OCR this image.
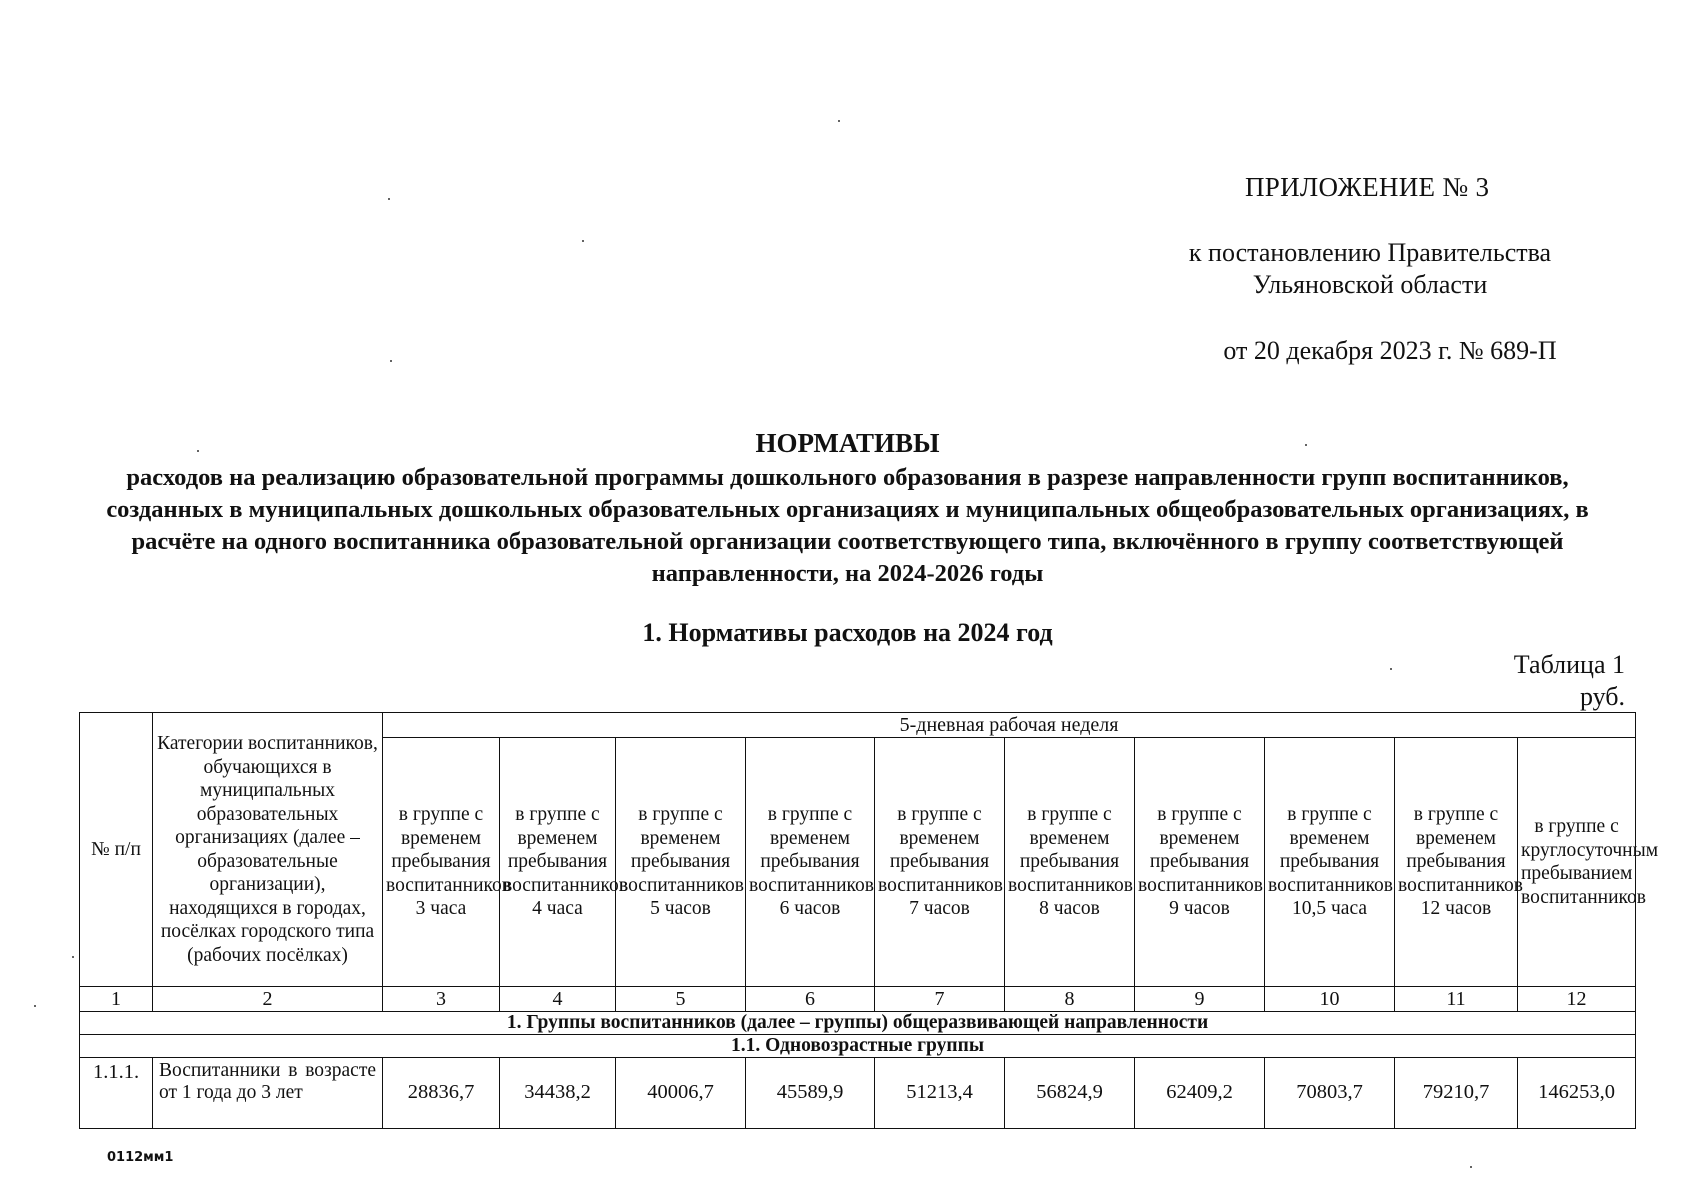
ПРИЛОЖЕНИЕ № 3
к постановлению Правительства
Ульяновской области
от 20 декабря 2023 г. № 689-П
НОРМАТИВЫ
расходов на реализацию образовательной программы дошкольного образования в разрезе направленности групп воспитанников, созданных в муниципальных дошкольных образовательных организациях и муниципальных общеобразовательных организациях, в расчёте на одного воспитанника образовательной организации соответствующего типа, включённого в группу соответствующей направленности, на 2024-2026 годы
1. Нормативы расходов на 2024 год
Таблица 1
руб.
№ п/п	Категории воспитанников, обучающихся в муниципальных образовательных организациях (далее – образовательные организации), находящихся в городах, посёлках городского типа (рабочих посёлках)	5-дневная рабочая неделя									
		в группе с временем пребывания воспитанников 3 часа	в группе с временем пребывания воспитанников 4 часа	в группе с временем пребывания воспитанников 5 часов	в группе с временем пребывания воспитанников 6 часов	в группе с временем пребывания воспитанников 7 часов	в группе с временем пребывания воспитанников 8 часов	в группе с временем пребывания воспитанников 9 часов	в группе с временем пребывания воспитанников 10,5 часа	в группе с временем пребывания воспитанников 12 часов	в группе с круглосуточным пребыванием воспитанников
1	2	3	4	5	6	7	8	9	10	11	12
1. Группы воспитанников (далее – группы) общеразвивающей направленности											
1.1. Одновозрастные группы											
1.1.1.	Воспитанники в возрасте от 1 года до 3 лет	28836,7	34438,2	40006,7	45589,9	51213,4	56824,9	62409,2	70803,7	79210,7	146253,0
0112мм1
